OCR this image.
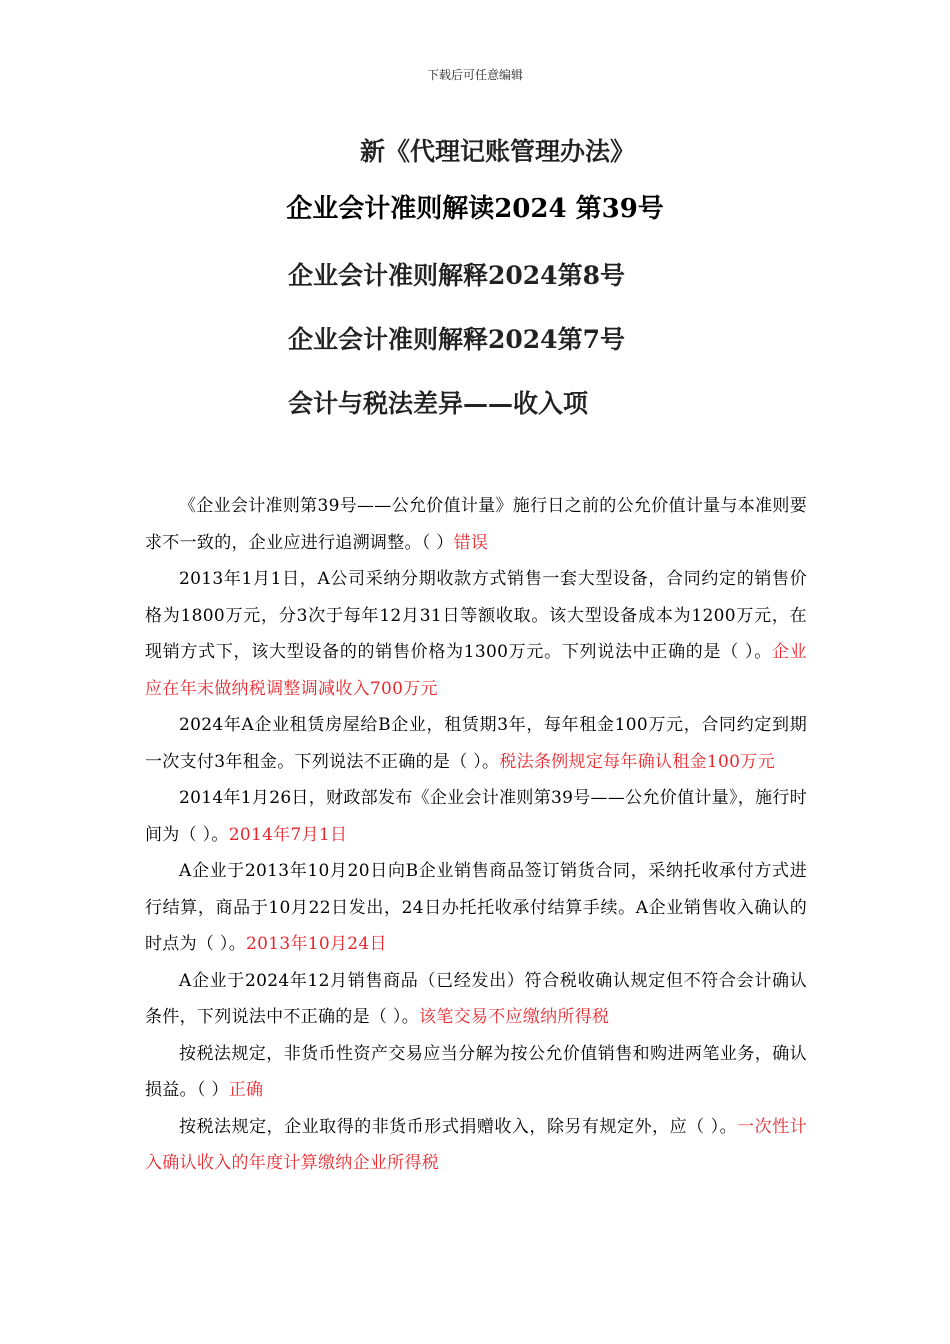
下载后可任意编辑
新《代理记账管理办法》
企业会计准则解读2024 第39号
企业会计准则解释2024第8号
企业会计准则解释2024第7号
会计与税法差异——收入项

《企业会计准则第39号——公允价值计量》施行日之前的公允价值计量与本准则要求不一致的，企业应进行追溯调整。（ ）错误

2013年1月1日，A公司采纳分期收款方式销售一套大型设备，合同约定的销售价格为1800万元，分3次于每年12月31日等额收取。该大型设备成本为1200万元，在现销方式下，该大型设备的的销售价格为1300万元。下列说法中正确的是（ ）。企业应在年末做纳税调整调减收入700万元

2024年A企业租赁房屋给B企业，租赁期3年，每年租金100万元，合同约定到期一次支付3年租金。下列说法不正确的是（ ）。税法条例规定每年确认租金100万元

2014年1月26日，财政部发布《企业会计准则第39号——公允价值计量》，施行时间为（ ）。2014年7月1日

A企业于2013年10月20日向B企业销售商品签订销货合同，采纳托收承付方式进行结算，商品于10月22日发出，24日办托托收承付结算手续。A企业销售收入确认的时点为（ ）。2013年10月24日

A企业于2024年12月销售商品（已经发出）符合税收确认规定但不符合会计确认条件，下列说法中不正确的是（ ）。该笔交易不应缴纳所得税

按税法规定，非货币性资产交易应当分解为按公允价值销售和购进两笔业务，确认损益。（ ）正确

按税法规定，企业取得的非货币形式捐赠收入，除另有规定外，应（ ）。一次性计入确认收入的年度计算缴纳企业所得税
